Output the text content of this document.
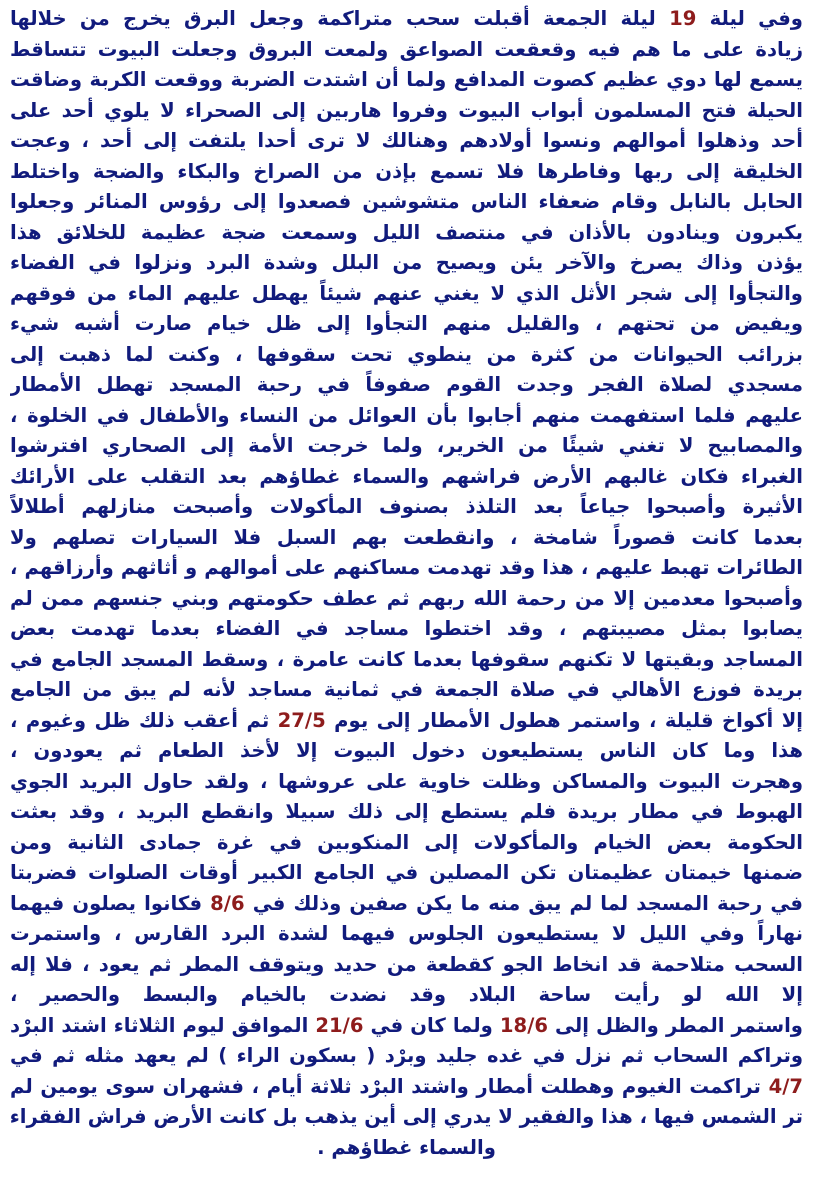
وفي ليلة 19 ليلة الجمعة أقبلت سحب متراكمة وجعل البرق يخرج من خلالها
زيادة على ما هم فيه وقعقعت الصواعق ولمعت البروق وجعلت البيوت تتساقط
يسمع لها دوي عظيم كصوت المدافع ولما أن اشتدت الضربة ووقعت الكربة وضاقت
الحيلة فتح المسلمون أبواب البيوت وفروا هاربين إلى الصحراء لا يلوي أحد على
أحد وذهلوا أموالهم ونسوا أولادهم وهنالك لا ترى أحدا يلتفت إلى أحد ، وعجت
الخليقة إلى ربها وفاطرها فلا تسمع بإذن من الصراخ والبكاء والضجة واختلط
الحابل بالنابل وقام ضعفاء الناس متشوشين فصعدوا إلى رؤوس المنائر وجعلوا
يكبرون وينادون بالأذان في منتصف الليل وسمعت ضجة عظيمة للخلائق هذا
يؤذن وذاك يصرخ والآخر يئن ويصيح من البلل وشدة البرد ونزلوا في الفضاء
والتجأوا إلى شجر الأثل الذي لا يغني عنهم شيئاً يهطل عليهم الماء من فوقهم
ويفيض من تحتهم ، والقليل منهم التجأوا إلى ظل خيام صارت أشبه شيء
بزرائب الحيوانات من كثرة من ينطوي تحت سقوفها ، وكنت لما ذهبت إلى
مسجدي لصلاة الفجر وجدت القوم صفوفاً في رحبة المسجد تهطل الأمطار
عليهم فلما استفهمت منهم أجابوا بأن العوائل من النساء والأطفال في الخلوة ،
والمصابيح لا تغني شيئًا من الخرير، ولما خرجت الأمة إلى الصحاري افترشوا
الغبراء فكان غالبهم الأرض فراشهم والسماء غطاؤهم بعد التقلب على الأرائك
الأثيرة وأصبحوا جياعاً بعد التلذذ بصنوف المأكولات وأصبحت منازلهم أطلالاً
بعدما كانت قصوراً شامخة ، وانقطعت بهم السبل فلا السيارات تصلهم ولا
الطائرات تهبط عليهم ، هذا وقد تهدمت مساكنهم على أموالهم و أثاثهم وأرزاقهم ،
وأصبحوا معدمين إلا من رحمة الله ربهم ثم عطف حكومتهم وبني جنسهم ممن لم
يصابوا بمثل مصيبتهم ، وقد اختطوا مساجد في الفضاء بعدما تهدمت بعض
المساجد وبقيتها لا تكنهم سقوفها بعدما كانت عامرة ، وسقط المسجد الجامع في
بريدة فوزع الأهالي في صلاة الجمعة في ثمانية مساجد لأنه لم يبق من الجامع
إلا أكواخ قليلة ، واستمر هطول الأمطار إلى يوم 27/5 ثم أعقب ذلك ظل وغيوم ،
هذا وما كان الناس يستطيعون دخول البيوت إلا لأخذ الطعام ثم يعودون ،
وهجرت البيوت والمساكن وظلت خاوية على عروشها ، ولقد حاول البريد الجوي
الهبوط في مطار بريدة فلم يستطع إلى ذلك سبيلا وانقطع البريد ، وقد بعثت
الحكومة بعض الخيام والمأكولات إلى المنكوبين في غرة جمادى الثانية ومن
ضمنها خيمتان عظيمتان تكن المصلين في الجامع الكبير أوقات الصلوات فضربتا
في رحبة المسجد لما لم يبق منه ما يكن صفين وذلك في 8/6 فكانوا يصلون فيهما
نهاراً وفي الليل لا يستطيعون الجلوس فيهما لشدة البرد القارس ، واستمرت
السحب متلاحمة قد انخاط الجو كقطعة من حديد ويتوقف المطر ثم يعود ، فلا إله
إلا الله لو رأيت ساحة البلاد وقد نضدت بالخيام والبسط والحصير ،
واستمر المطر والظل إلى 18/6 ولما كان في 21/6 الموافق ليوم الثلاثاء اشتد البرْد
وتراكم السحاب ثم نزل في غده جليد وبرْد ( بسكون الراء ) لم يعهد مثله ثم في
4/7 تراكمت الغيوم وهطلت أمطار واشتد البرْد ثلاثة أيام ، فشهران سوى يومين لم
تر الشمس فيها ، هذا والفقير لا يدري إلى أين يذهب بل كانت الأرض فراش الفقراء
والسماء غطاؤهم .
